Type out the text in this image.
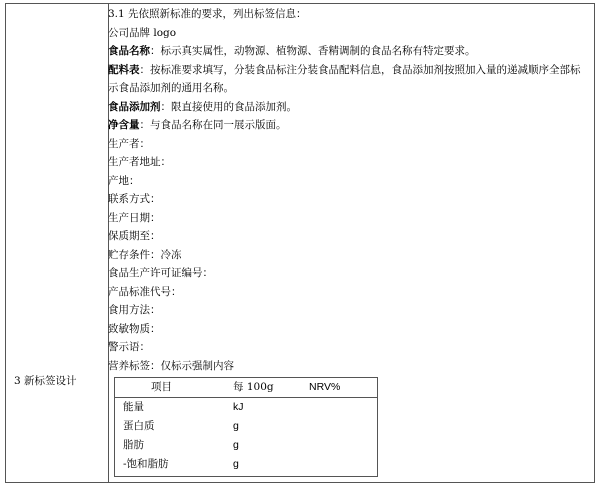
3 新标签设计
3.1 先依照新标准的要求，列出标签信息：
公司品牌 logo
食品名称：标示真实属性，动物源、植物源、香精调制的食品名称有特定要求。
配料表：按标准要求填写，分装食品标注分装食品配料信息，食品添加剂按照加入量的递减顺序全部标示食品添加剂的通用名称。
食品添加剂：限直接使用的食品添加剂。
净含量：与食品名称在同一展示版面。
生产者：
生产者地址：
产地：
联系方式：
生产日期：
保质期至：
贮存条件：冷冻
食品生产许可证编号：
产品标准代号：
食用方法：
致敏物质：
警示语：
营养标签：仅标示强制内容
项目	每 100g	NRV%
能量	kJ
蛋白质	g
脂肪	g
-饱和脂肪	g
